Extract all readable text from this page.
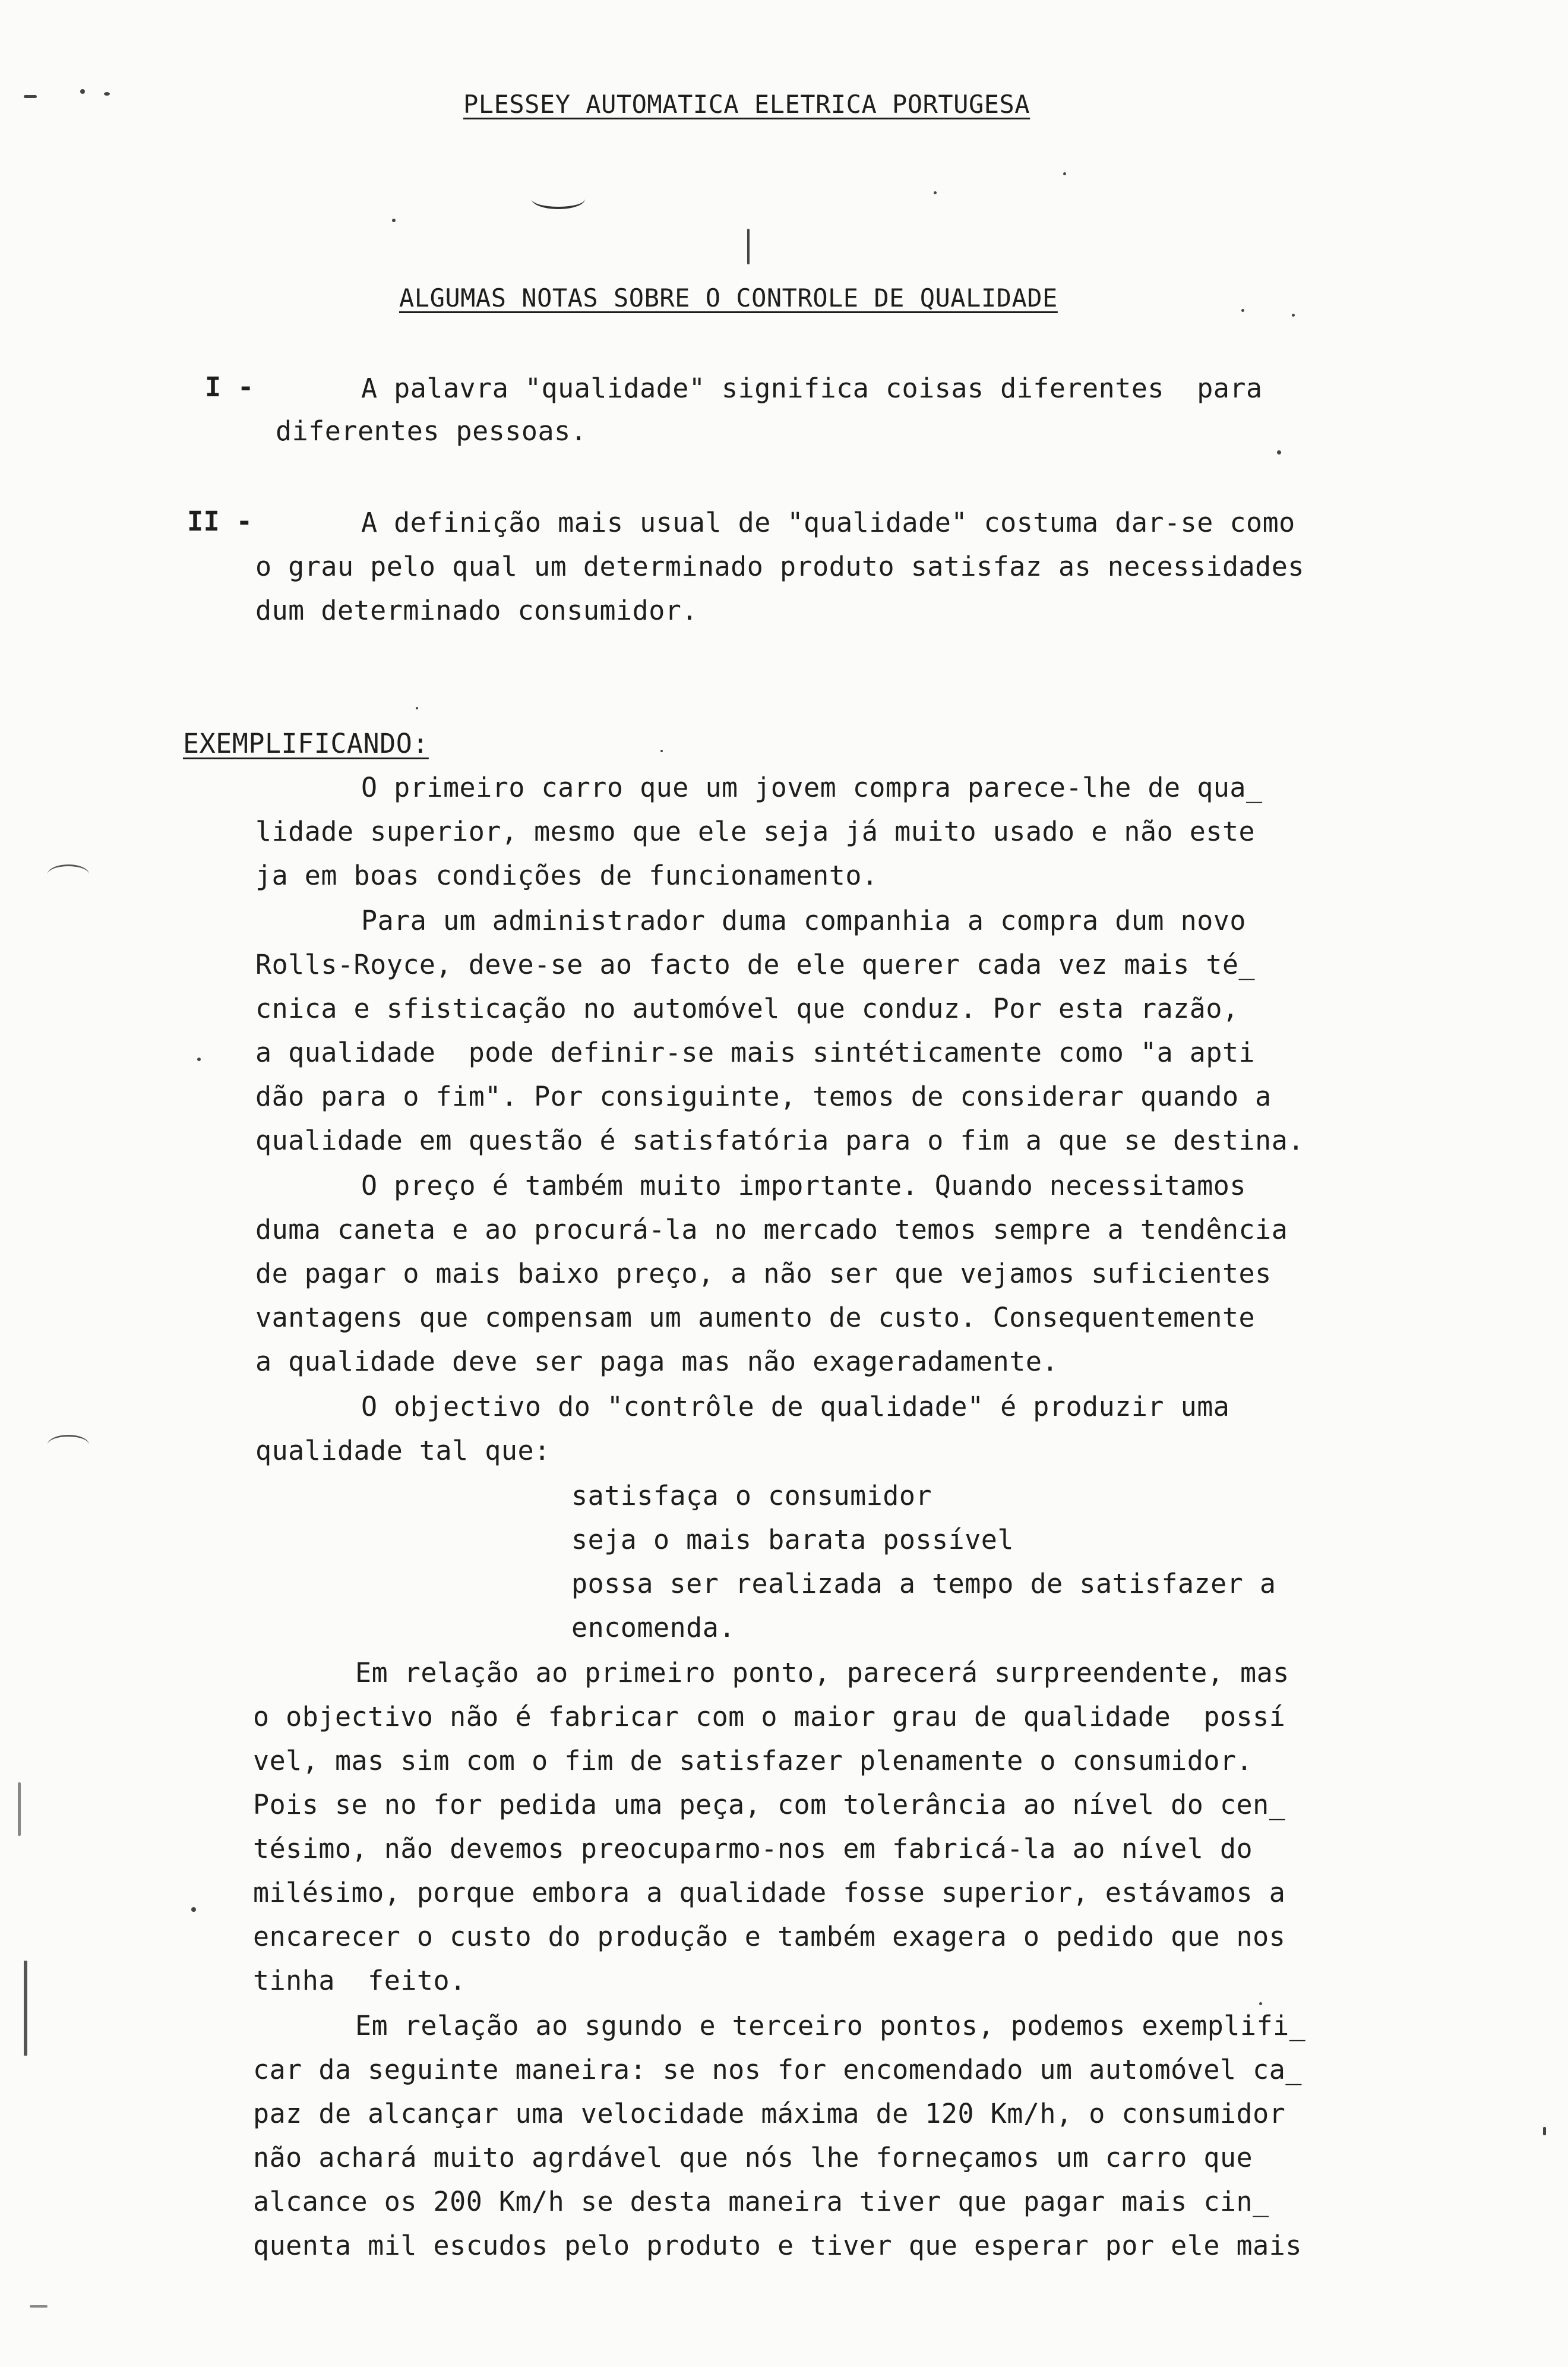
PLESSEY AUTOMATICA ELETRICA PORTUGESA
ALGUMAS NOTAS SOBRE O CONTROLE DE QUALIDADE
I -	A palavra "qualidade" significa coisas diferentes  para
diferentes pessoas.
II -	A definição mais usual de "qualidade" costuma dar-se como
o grau pelo qual um determinado produto satisfaz as necessidades
dum determinado consumidor.
EXEMPLIFICANDO:
O primeiro carro que um jovem compra parece-lhe de qua_
lidade superior, mesmo que ele seja já muito usado e não este
ja em boas condições de funcionamento.
Para um administrador duma companhia a compra dum novo
Rolls-Royce, deve-se ao facto de ele querer cada vez mais té_
cnica e sfisticação no automóvel que conduz. Por esta razão,
a qualidade  pode definir-se mais sintéticamente como "a apti
dão para o fim". Por consiguinte, temos de considerar quando a
qualidade em questão é satisfatória para o fim a que se destina.
O preço é também muito importante. Quando necessitamos
duma caneta e ao procurá-la no mercado temos sempre a tendência
de pagar o mais baixo preço, a não ser que vejamos suficientes
vantagens que compensam um aumento de custo. Consequentemente
a qualidade deve ser paga mas não exageradamente.
O objectivo do "contrôle de qualidade" é produzir uma
qualidade tal que:
satisfaça o consumidor
seja o mais barata possível
possa ser realizada a tempo de satisfazer a
encomenda.
Em relação ao primeiro ponto, parecerá surpreendente, mas
o objectivo não é fabricar com o maior grau de qualidade  possí
vel, mas sim com o fim de satisfazer plenamente o consumidor.
Pois se no for pedida uma peça, com tolerância ao nível do cen_
tésimo, não devemos preocuparmo-nos em fabricá-la ao nível do
milésimo, porque embora a qualidade fosse superior, estávamos a
encarecer o custo do produção e também exagera o pedido que nos
tinha  feito.
Em relação ao sgundo e terceiro pontos, podemos exemplifi_
car da seguinte maneira: se nos for encomendado um automóvel ca_
paz de alcançar uma velocidade máxima de 120 Km/h, o consumidor
não achará muito agrdável que nós lhe forneçamos um carro que
alcance os 200 Km/h se desta maneira tiver que pagar mais cin_
quenta mil escudos pelo produto e tiver que esperar por ele mais
